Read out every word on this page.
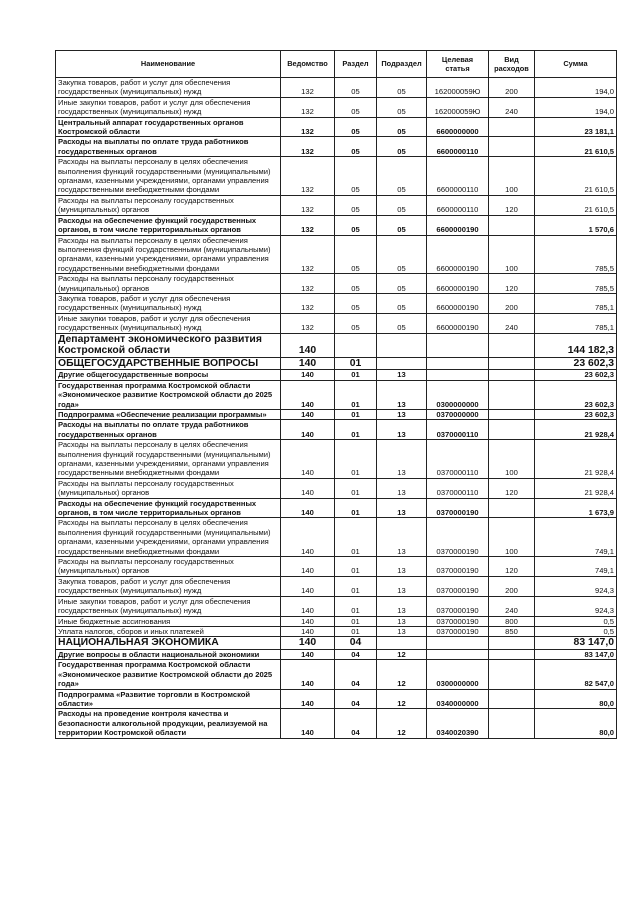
Наименование	Ведомство	Раздел	Подраздел	Целевая статья	Вид расходов	Сумма
Закупка товаров, работ и услуг для обеспечения государственных (муниципальных) нужд	132	05	05	162000059Ю	200	194,0
Иные закупки товаров, работ и услуг для обеспечения государственных (муниципальных) нужд	132	05	05	162000059Ю	240	194,0
Центральный аппарат государственных органов Костромской области	132	05	05	6600000000		23 181,1
Расходы на выплаты по оплате труда работников государственных органов	132	05	05	6600000110		21 610,5
Расходы на выплаты персоналу в целях обеспечения выполнения функций государственными (муниципальными) органами, казенными учреждениями, органами управления государственными внебюджетными фондами	132	05	05	6600000110	100	21 610,5
Расходы на выплаты персоналу государственных (муниципальных) органов	132	05	05	6600000110	120	21 610,5
Расходы на обеспечение функций государственных органов, в том числе территориальных органов	132	05	05	6600000190		1 570,6
Расходы на выплаты персоналу в целях обеспечения выполнения функций государственными (муниципальными) органами, казенными учреждениями, органами управления государственными внебюджетными фондами	132	05	05	6600000190	100	785,5
Расходы на выплаты персоналу государственных (муниципальных) органов	132	05	05	6600000190	120	785,5
Закупка товаров, работ и услуг для обеспечения государственных (муниципальных) нужд	132	05	05	6600000190	200	785,1
Иные закупки товаров, работ и услуг для обеспечения государственных (муниципальных) нужд	132	05	05	6600000190	240	785,1
Департамент экономического развития Костромской области	140					144 182,3
ОБЩЕГОСУДАРСТВЕННЫЕ ВОПРОСЫ	140	01				23 602,3
Другие общегосударственные вопросы	140	01	13			23 602,3
Государственная программа Костромской области «Экономическое развитие Костромской области до 2025 года»	140	01	13	0300000000		23 602,3
Подпрограмма «Обеспечение реализации программы»	140	01	13	0370000000		23 602,3
Расходы на выплаты по оплате труда работников государственных органов	140	01	13	0370000110		21 928,4
Расходы на выплаты персоналу в целях обеспечения выполнения функций государственными (муниципальными) органами, казенными учреждениями, органами управления государственными внебюджетными фондами	140	01	13	0370000110	100	21 928,4
Расходы на выплаты персоналу государственных (муниципальных) органов	140	01	13	0370000110	120	21 928,4
Расходы на обеспечение функций государственных органов, в том числе территориальных органов	140	01	13	0370000190		1 673,9
Расходы на выплаты персоналу в целях обеспечения выполнения функций государственными (муниципальными) органами, казенными учреждениями, органами управления государственными внебюджетными фондами	140	01	13	0370000190	100	749,1
Расходы на выплаты персоналу государственных (муниципальных) органов	140	01	13	0370000190	120	749,1
Закупка товаров, работ и услуг для обеспечения государственных (муниципальных) нужд	140	01	13	0370000190	200	924,3
Иные закупки товаров, работ и услуг для обеспечения государственных (муниципальных) нужд	140	01	13	0370000190	240	924,3
Иные бюджетные ассигнования	140	01	13	0370000190	800	0,5
Уплата налогов, сборов и иных платежей	140	01	13	0370000190	850	0,5
НАЦИОНАЛЬНАЯ ЭКОНОМИКА	140	04				83 147,0
Другие вопросы в области национальной экономики	140	04	12			83 147,0
Государственная программа Костромской области «Экономическое развитие Костромской области до 2025 года»	140	04	12	0300000000		82 547,0
Подпрограмма «Развитие торговли в Костромской области»	140	04	12	0340000000		80,0
Расходы на проведение контроля качества и безопасности алкогольной продукции, реализуемой на территории Костромской области	140	04	12	0340020390		80,0
